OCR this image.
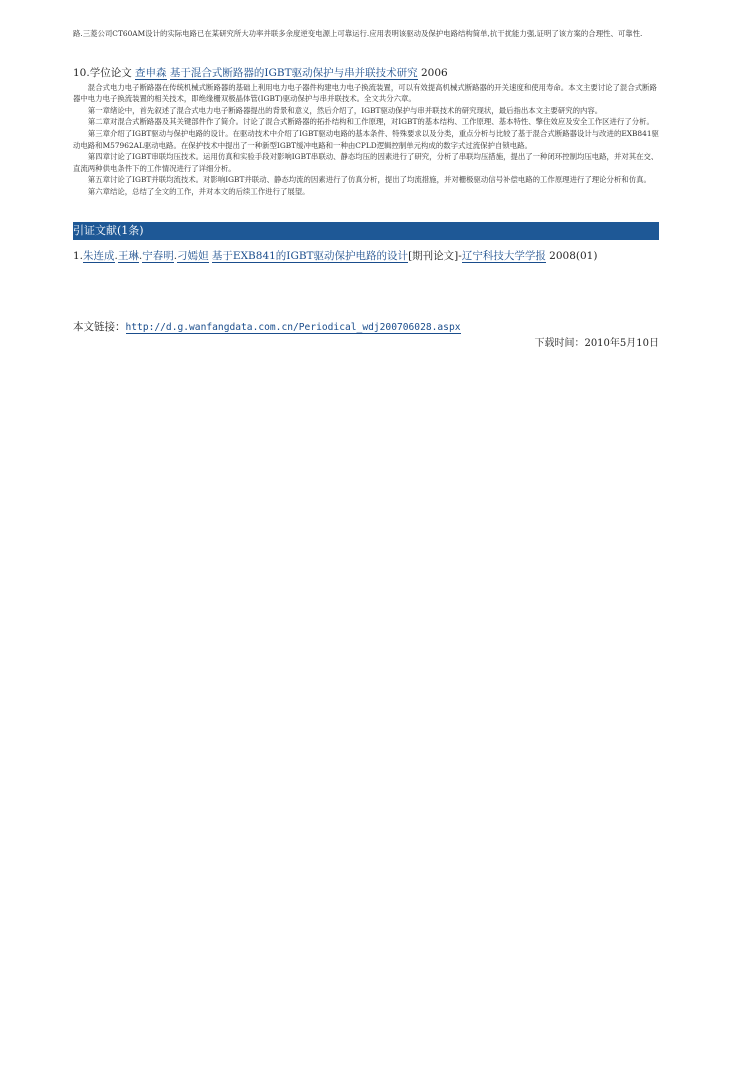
路.三菱公司CT60AM设计的实际电路已在某研究所大功率并联多余度逆变电源上可靠运行.应用表明该驱动及保护电路结构简单,抗干扰能力强,证明了该方案的合理性、可靠性.
10.学位论文 查申森 基于混合式断路器的IGBT驱动保护与串并联技术研究 2006

混合式电力电子断路器在传统机械式断路器的基础上利用电力电子器件构建电力电子换流装置，可以有效提高机械式断路器的开关速度和使用寿命。本文主要讨论了混合式断路器中电力电子换流装置的相关技术，即绝缘栅双极晶体管(IGBT)驱动保护与串并联技术。全文共分六章。

第一章绪论中，首先叙述了混合式电力电子断路器提出的背景和意义，然后介绍了，IGBT驱动保护与串并联技术的研究现状，最后指出本文主要研究的内容。

第二章对混合式断路器及其关键部件作了简介。讨论了混合式断路器的拓扑结构和工作原理，对IGBT的基本结构、工作原理、基本特性、擎住效应及安全工作区进行了分析。

第三章介绍了IGBT驱动与保护电路的设计。在驱动技术中介绍了IGBT驱动电路的基本条件、特殊要求以及分类，重点分析与比较了基于混合式断路器设计与改进的EXB841驱动电路和M57962AL驱动电路。在保护技术中提出了一种新型IGBT缓冲电路和一种由CPLD逻辑控制单元构成的数字式过流保护自锁电路。

第四章讨论了IGBT串联均压技术。运用仿真和实验手段对影响IGBT串联动、静态均压的因素进行了研究，分析了串联均压措施，提出了一种闭环控制均压电路，并对其在交、直流两种供电条件下的工作情况进行了详细分析。

第五章讨论了IGBT并联均流技术。对影响IGBT并联动、静态均流的因素进行了仿真分析，提出了均流措施，并对栅极驱动信号补偿电路的工作原理进行了理论分析和仿真。

第六章结论，总结了全文的工作，并对本文的后续工作进行了展望。

引证文献(1条)
1.朱连成.王琳.宁春明.刁嫣妲 基于EXB841的IGBT驱动保护电路的设计[期刊论文]-辽宁科技大学学报 2008(01)
本文链接：http://d.g.wanfangdata.com.cn/Periodical_wdj200706028.aspx
下载时间：2010年5月10日
